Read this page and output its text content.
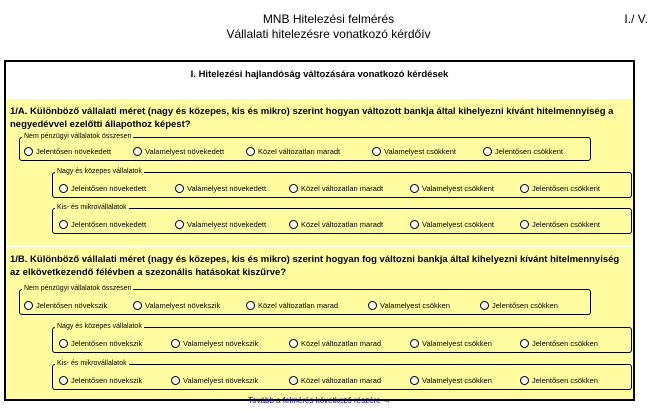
MNB Hitelezési felmérés
Vállalati hitelezésre vonatkozó kérdőív
I./ V.
I. Hitelezési hajlandóság változására vonatkozó kérdések
1/A. Különböző vállalati méret (nagy és közepes, kis és mikro) szerint hogyan változott bankja által kihelyezni kívánt hitelmennyiség a negyedévvel ezelőtti állapothoz képest?
Nem pénzügyi vállalatok összesen
Jelentősen növekedett	Valamelyest növekedett	Közel változatlan maradt	Valamelyest csökkent	Jelentősen csökkent
Nagy és közepes vállalatok
Jelentősen növekedett	Valamelyest növekedett	Közel változatlan maradt	Valamelyest csökkent	Jelentősen csökkent
Kis- és mikrovállalatok
Jelentősen növekedett	Valamelyest növekedett	Közel változatlan maradt	Valamelyest csökkent	Jelentősen csökkent
1/B. Különböző vállalati méret (nagy és közepes, kis és mikro) szerint hogyan fog változni bankja által kihelyezni kívánt hitelmennyiség az elkövetkezendő félévben a szezonális hatásokat kiszűrve?
Nem pénzügyi vállalatok összesen
Jelentősen növekszik	Valamelyest növekszik	Közel változatlan marad	Valamelyest csökken	Jelentősen csökken
Nagy és közepes vállalatok
Jelentősen növekszik	Valamelyest növekszik	Közel változatlan marad	Valamelyest csökken	Jelentősen csökken
Kis- és mikrovállalatok
Jelentősen növekszik	Valamelyest növekszik	Közel változatlan marad	Valamelyest csökken	Jelentősen csökken
Tovább a felmérés következő részére →
